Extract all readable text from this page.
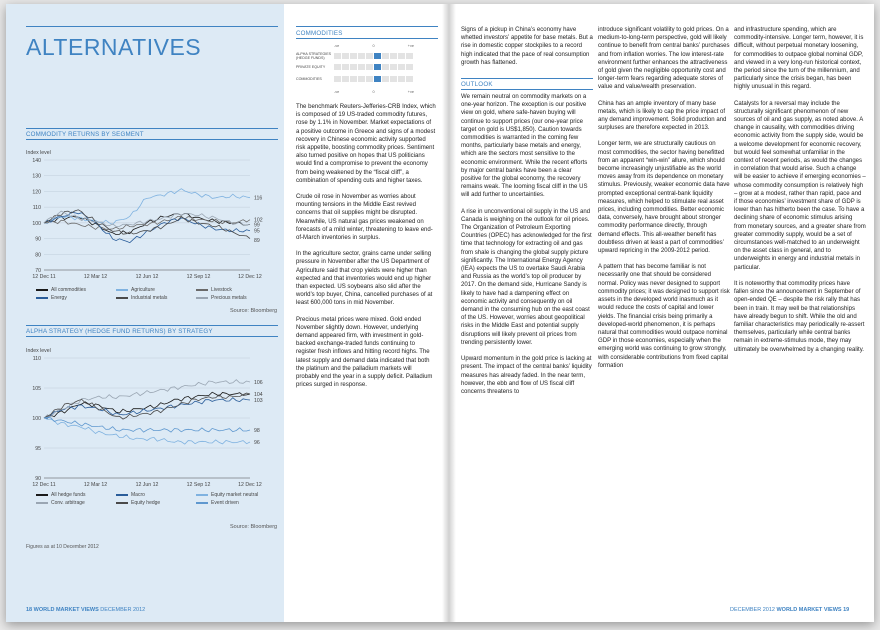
ALTERNATIVES
COMMODITY RETURNS BY SEGMENT
Index level
140
130
120
110
100
90
80
70
12 Dec 11	12 Mar 12	12 Jun 12	12 Sep 12	12 Dec 12
116
102
99
95
89
All commodities	Agriculture	Livestock
Energy	Industrial metals	Precious metals
Source: Bloomberg
ALPHA STRATEGY (HEDGE FUND RETURNS) BY STRATEGY
Index level
110
105
100
95
90
12 Dec 11	12 Mar 12	12 Jun 12	12 Sep 12	12 Dec 12
106
104
103
98
96
All hedge funds	Macro	Equity market neutral
Conv. arbitrage	Equity hedge	Event driven
Source: Bloomberg
Figures as at 10 December 2012
COMMODITIES
-ve	0	+ve
ALPHA STRATEGIES (HEDGE FUNDS)
PRIVATE EQUITY
COMMODITIES
-ve	0	+ve

The benchmark Reuters-Jefferies-CRB Index, which is composed of 19 US-traded commodity futures, rose by 1.1% in November. Market expectations of a positive outcome in Greece and signs of a modest recovery in Chinese economic activity supported risk appetite, boosting commodity prices. Sentiment also turned positive on hopes that US politicians would find a compromise to prevent the economy from being weakened by the “fiscal cliff”, a combination of spending cuts and higher taxes.

Crude oil rose in November as worries about mounting tensions in the Middle East revived concerns that oil supplies might be disrupted. Meanwhile, US natural gas prices weakened on forecasts of a mild winter, threatening to leave end-of-March inventories in surplus.

In the agriculture sector, grains came under selling pressure in November after the US Department of Agriculture said that crop yields were higher than expected and that inventories would end up higher than expected. US soybeans also slid after the world’s top buyer, China, cancelled purchases of at least 600,000 tons in mid November.

Precious metal prices were mixed. Gold ended November slightly down. However, underlying demand appeared firm, with investment in gold-backed exchange-traded funds continuing to register fresh inflows and hitting record highs. The latest supply and demand data indicated that both the platinum and the palladium markets will probably end the year in a supply deficit. Palladium prices surged in response.

Signs of a pickup in China’s economy have whetted investors’ appetite for base metals. But a rise in domestic copper stockpiles to a record high indicated that the pace of real consumption growth has flattened.

OUTLOOK

We remain neutral on commodity markets on a one-year horizon. The exception is our positive view on gold, where safe-haven buying will continue to support prices (our one-year price target on gold is US$1,850). Caution towards commodities is warranted in the coming few months, particularly base metals and energy, which are the sectors most sensitive to the economic environment. While the recent efforts by major central banks have been a clear positive for the global economy, the recovery remains weak. The looming fiscal cliff in the US will add further to uncertainties.

A rise in unconventional oil supply in the US and Canada is weighing on the outlook for oil prices. The Organization of Petroleum Exporting Countries (OPEC) has acknowledged for the first time that technology for extracting oil and gas from shale is changing the global supply picture significantly. The International Energy Agency (IEA) expects the US to overtake Saudi Arabia and Russia as the world’s top oil producer by 2017. On the demand side, Hurricane Sandy is likely to have had a dampening effect on economic activity and consequently on oil demand in the consuming hub on the east coast of the US. However, worries about geopolitical risks in the Middle East and potential supply disruptions will likely prevent oil prices from trending persistently lower.

Upward momentum in the gold price is lacking at present. The impact of the central banks’ liquidity measures has already faded. In the near term, however, the ebb and flow of US fiscal cliff concerns threatens to

introduce significant volatility to gold prices. On a medium-to-long-term perspective, gold will likely continue to benefit from central banks’ purchases and from inflation worries. The low interest-rate environment further enhances the attractiveness of gold given the negligible opportunity cost and longer-term fears regarding adequate stores of value and value/wealth preservation.

China has an ample inventory of many base metals, which is likely to cap the price impact of any demand improvement. Solid production and surpluses are therefore expected in 2013.

Longer term, we are structurally cautious on most commodities, the sector having benefitted from an apparent “win-win” allure, which should become increasingly unjustifiable as the world moves away from its dependence on monetary stimulus. Previously, weaker economic data have prompted exceptional central-bank liquidity measures, which helped to stimulate real asset prices, including commodities. Better economic data, conversely, have brought about stronger commodity performance directly, through demand effects. This all-weather benefit has doubtless driven at least a part of commodities’ upward repricing in the 2009-2012 period.

A pattern that has become familiar is not necessarily one that should be considered normal. Policy was never designed to support commodity prices; it was designed to support risk assets in the developed world inasmuch as it would reduce the costs of capital and lower yields. The financial crisis being primarily a developed-world phenomenon, it is perhaps natural that commodities would outpace nominal GDP in those economies, especially when the emerging world was continuing to grow strongly, with considerable contributions from fixed capital formation

and infrastructure spending, which are commodity-intensive. Longer term, however, it is difficult, without perpetual monetary loosening, for commodities to outpace global nominal GDP, and viewed in a very long-run historical context, the period since the turn of the millennium, and particularly since the crisis began, has been highly unusual in this regard.

Catalysts for a reversal may include the structurally significant phenomenon of new sources of oil and gas supply, as noted above. A change in causality, with commodities driving economic activity from the supply side, would be a welcome development for economic recovery, but would feel somewhat unfamiliar in the context of recent periods, as would the changes in correlation that would arise. Such a change will be easier to achieve if emerging economies – whose commodity consumption is relatively high – grow at a modest, rather than rapid, pace and if those economies’ investment share of GDP is lower than has hitherto been the case. To have a declining share of economic stimulus arising from monetary sources, and a greater share from greater commodity supply, would be a set of circumstances well-matched to an underweight on the asset class in general, and to underweights in energy and industrial metals in particular.

It is noteworthy that commodity prices have fallen since the announcement in September of open-ended QE – despite the risk rally that has been in train. It may well be that relationships have already begun to shift. While the old and familiar characteristics may periodically re-assert themselves, particularly while central banks remain in extreme-stimulus mode, they may ultimately be overwhelmed by a changing reality.

18 WORLD MARKET VIEWS DECEMBER 2012	DECEMBER 2012 WORLD MARKET VIEWS 19
